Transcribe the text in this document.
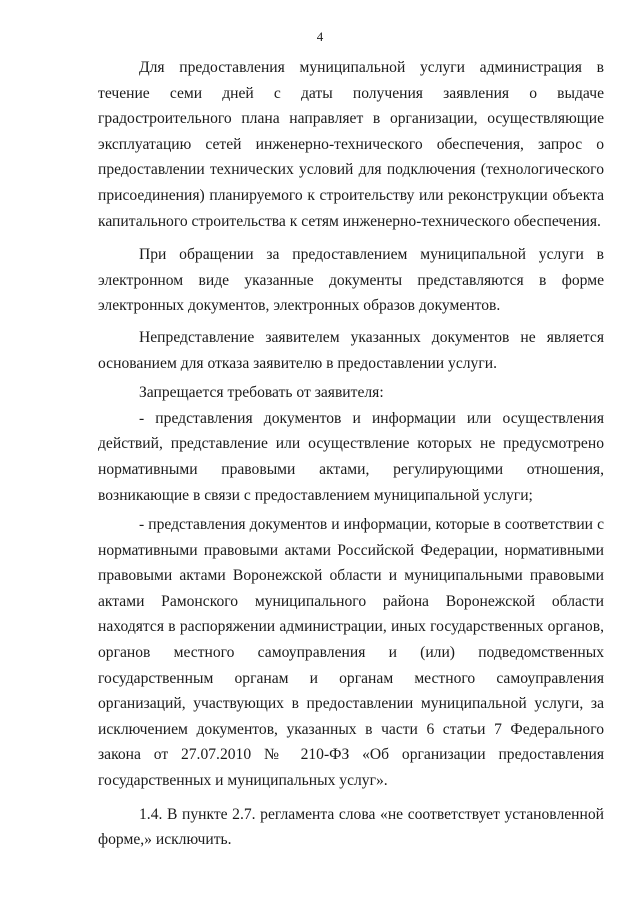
4

Для предоставления муниципальной услуги администрация в течение семи дней с даты получения заявления о выдаче градостроительного плана направляет в организации, осуществляющие эксплуатацию сетей инженерно-технического обеспечения, запрос о предоставлении технических условий для подключения (технологического присоединения) планируемого к строительству или реконструкции объекта капитального строительства к сетям инженерно-технического обеспечения.

При обращении за предоставлением муниципальной услуги в электронном виде указанные документы представляются в форме электронных документов, электронных образов документов.

Непредставление заявителем указанных документов не является основанием для отказа заявителю в предоставлении услуги.

Запрещается требовать от заявителя:

- представления документов и информации или осуществления действий, представление или осуществление которых не предусмотрено нормативными правовыми актами, регулирующими отношения, возникающие в связи с предоставлением муниципальной услуги;

- представления документов и информации, которые в соответствии с нормативными правовыми актами Российской Федерации, нормативными правовыми актами Воронежской области и муниципальными правовыми актами Рамонского муниципального района Воронежской области находятся в распоряжении администрации, иных государственных органов, органов местного самоуправления и (или) подведомственных государственным органам и органам местного самоуправления организаций, участвующих в предоставлении муниципальной услуги, за исключением документов, указанных в части 6 статьи 7 Федерального закона от 27.07.2010 № 210-ФЗ «Об организации предоставления государственных и муниципальных услуг».

1.4. В пункте 2.7. регламента слова «не соответствует установленной форме,» исключить.
